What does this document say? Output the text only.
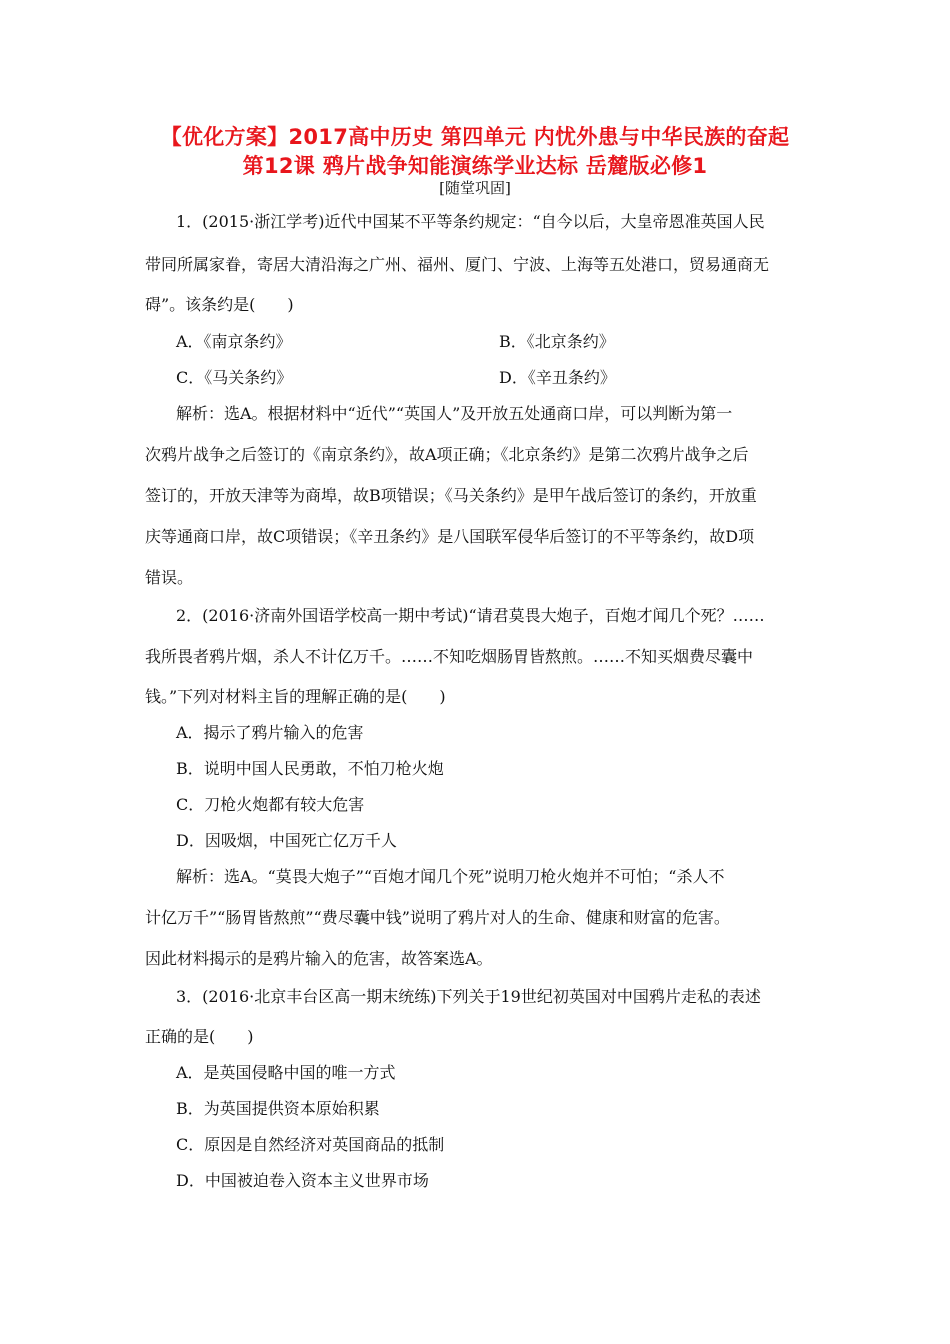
【优化方案】2017高中历史 第四单元 内忧外患与中华民族的奋起
第12课 鸦片战争知能演练学业达标 岳麓版必修1
[随堂巩固]
1．(2015·浙江学考)近代中国某不平等条约规定：“自今以后，大皇帝恩准英国人民
带同所属家眷，寄居大清沿海之广州、福州、厦门、宁波、上海等五处港口，贸易通商无
碍”。该条约是(　　)
A．《南京条约》	B．《北京条约》
C．《马关条约》	D．《辛丑条约》
解析：选A。根据材料中“近代”“英国人”及开放五处通商口岸，可以判断为第一
次鸦片战争之后签订的《南京条约》，故A项正确；《北京条约》是第二次鸦片战争之后
签订的，开放天津等为商埠，故B项错误；《马关条约》是甲午战后签订的条约，开放重
庆等通商口岸，故C项错误；《辛丑条约》是八国联军侵华后签订的不平等条约，故D项
错误。
2．(2016·济南外国语学校高一期中考试)“请君莫畏大炮子，百炮才闻几个死？……
我所畏者鸦片烟，杀人不计亿万千。……不知吃烟肠胃皆熬煎。……不知买烟费尽囊中
钱。”下列对材料主旨的理解正确的是(　　)
A．揭示了鸦片输入的危害
B．说明中国人民勇敢，不怕刀枪火炮
C．刀枪火炮都有较大危害
D．因吸烟，中国死亡亿万千人
解析：选A。“莫畏大炮子”“百炮才闻几个死”说明刀枪火炮并不可怕；“杀人不
计亿万千”“肠胃皆熬煎”“费尽囊中钱”说明了鸦片对人的生命、健康和财富的危害。
因此材料揭示的是鸦片输入的危害，故答案选A。
3．(2016·北京丰台区高一期末统练)下列关于19世纪初英国对中国鸦片走私的表述
正确的是(　　)
A．是英国侵略中国的唯一方式
B．为英国提供资本原始积累
C．原因是自然经济对英国商品的抵制
D．中国被迫卷入资本主义世界市场
